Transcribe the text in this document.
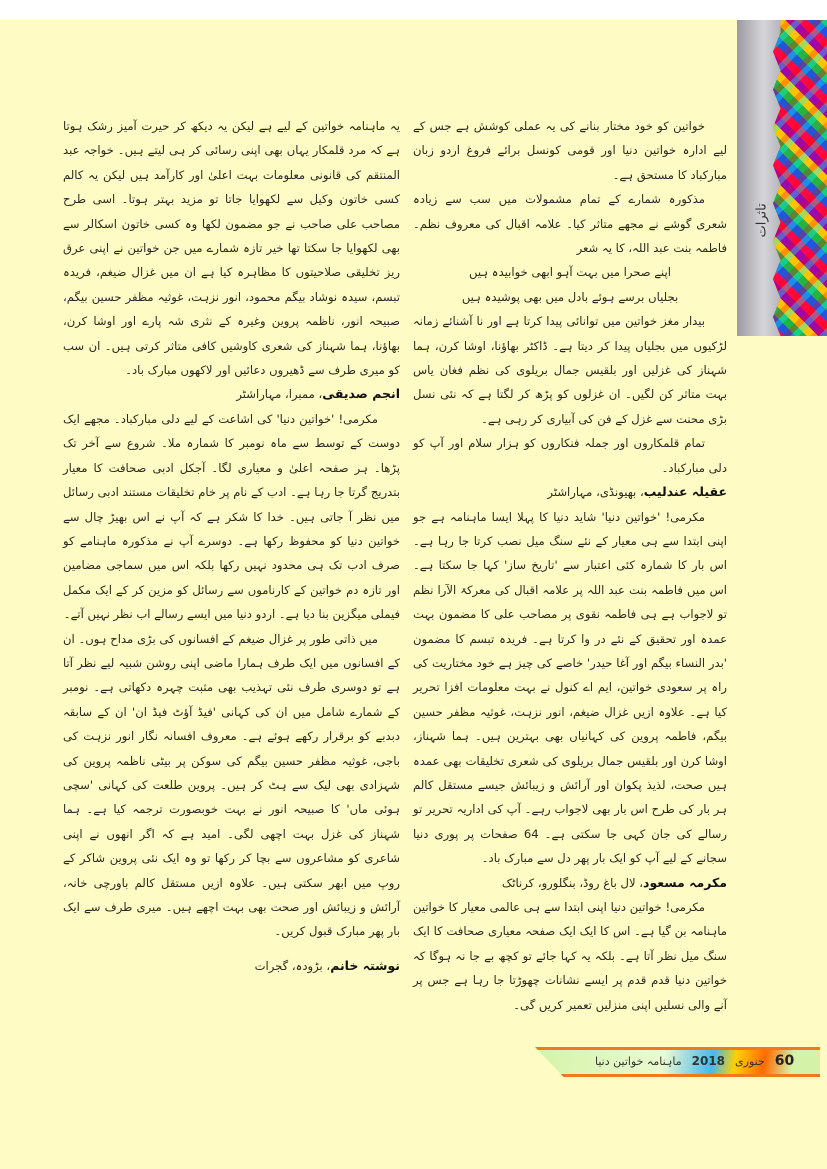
تاثرات

خواتین کو خود مختار بنانے کی یہ عملی کوشش ہے جس کے لیے ادارہ خواتین دنیا اور قومی کونسل برائے فروغ اردو زبان مبارکباد کا مستحق ہے۔

مذکورہ شمارے کے تمام مشمولات میں سب سے زیادہ شعری گوشے نے مجھے متاثر کیا۔ علامہ اقبال کی معروف نظم۔ فاطمہ بنت عبد اللہ، کا یہ شعر

اپنے صحرا میں بہت آہو ابھی خوابیدہ ہیں

بجلیاں برسے ہوئے بادل میں بھی پوشیدہ ہیں

بیدار مغز خواتین میں توانائی پیدا کرتا ہے اور نا آشنائے زمانہ لڑکیوں میں بجلیاں پیدا کر دیتا ہے۔ ڈاکٹر بھاؤنا، اوشا کرن، ہما شہناز کی غزلیں اور بلقیس جمال بریلوی کی نظم فغان یاس بہت متاثر کن لگیں۔ ان غزلوں کو پڑھ کر لگتا ہے کہ نئی نسل بڑی محنت سے غزل کے فن کی آبیاری کر رہی ہے۔

تمام قلمکاروں اور جملہ فنکاروں کو ہزار سلام اور آپ کو دلی مبارکباد۔

عقیلہ عندلیب، بھیونڈی، مہاراشٹر

مکرمی! 'خواتین دنیا' شاید دنیا کا پہلا ایسا ماہنامہ ہے جو اپنی ابتدا سے ہی معیار کے نئے سنگ میل نصب کرتا جا رہا ہے۔ اس بار کا شمارہ کئی اعتبار سے 'تاریخ ساز' کہا جا سکتا ہے۔ اس میں فاطمہ بنت عبد اللہ پر علامہ اقبال کی معرکۃ الآرا نظم تو لاجواب ہے ہی فاطمہ نقوی پر مصاحب علی کا مضمون بہت عمدہ اور تحقیق کے نئے در وا کرتا ہے۔ فریدہ تبسم کا مضمون 'بدر النساء بیگم اور آغا حیدر' خاصے کی چیز ہے خود مختاریت کی راہ پر سعودی خواتین، ایم اے کنول نے بہت معلومات افزا تحریر کیا ہے۔ علاوہ ازیں غزال ضیغم، انور نزہت، غوثیہ مظفر حسین بیگم، فاطمہ پروین کی کہانیاں بھی بہترین ہیں۔ ہما شہناز، اوشا کرن اور بلقیس جمال بریلوی کی شعری تخلیقات بھی عمدہ ہیں صحت، لذیذ پکوان اور آرائش و زیبائش جیسے مستقل کالم ہر بار کی طرح اس بار بھی لاجواب رہے۔ آپ کی اداریہ تحریر تو رسالے کی جان کہی جا سکتی ہے۔ 64 صفحات پر پوری دنیا سجانے کے لیے آپ کو ایک بار پھر دل سے مبارک باد۔

مکرمہ مسعود، لال باغ روڈ، بنگلورو، کرناٹک

مکرمی! خواتین دنیا اپنی ابتدا سے ہی عالمی معیار کا خواتین ماہنامہ بن گیا ہے۔ اس کا ایک ایک صفحہ معیاری صحافت کا ایک سنگ میل نظر آتا ہے۔ بلکہ یہ کہا جائے تو کچھ بے جا نہ ہوگا کہ خواتین دنیا قدم قدم پر ایسے نشانات چھوڑتا جا رہا ہے جس پر آنے والی نسلیں اپنی منزلیں تعمیر کریں گی۔

یہ ماہنامہ خواتین کے لیے ہے لیکن یہ دیکھ کر حیرت آمیز رشک ہوتا ہے کہ مرد قلمکار یہاں بھی اپنی رسائی کر ہی لیتے ہیں۔ خواجہ عبد المنتقم کی قانونی معلومات بہت اعلیٰ اور کارآمد ہیں لیکن یہ کالم کسی خاتون وکیل سے لکھوایا جاتا تو مزید بہتر ہوتا۔ اسی طرح مصاحب علی صاحب نے جو مضمون لکھا وہ کسی خاتون اسکالر سے بھی لکھوایا جا سکتا تھا خیر تازہ شمارے میں جن خواتین نے اپنی عرق ریز تخلیقی صلاحیتوں کا مظاہرہ کیا ہے ان میں غزال ضیغم، فریدہ تبسم، سیدہ نوشاد بیگم محمود، انور نزہت، غوثیہ مظفر حسین بیگم، صبیحہ انور، ناظمہ پروین وغیرہ کے نثری شہ پارے اور اوشا کرن، بھاؤنا، ہما شہناز کی شعری کاوشیں کافی متاثر کرتی ہیں۔ ان سب کو میری طرف سے ڈھیروں دعائیں اور لاکھوں مبارک باد۔

انجم صدیقی، ممبرا، مہاراشٹر

مکرمی! 'خواتین دنیا' کی اشاعت کے لیے دلی مبارکباد۔ مجھے ایک دوست کے توسط سے ماہ نومبر کا شمارہ ملا۔ شروع سے آخر تک پڑھا۔ ہر صفحہ اعلیٰ و معیاری لگا۔ آجکل ادبی صحافت کا معیار بتدریج گرتا جا رہا ہے۔ ادب کے نام پر خام تخلیقات مستند ادبی رسائل میں نظر آ جاتی ہیں۔ خدا کا شکر ہے کہ آپ نے اس بھیڑ چال سے خواتین دنیا کو محفوظ رکھا ہے۔ دوسرے آپ نے مذکورہ ماہنامے کو صرف ادب تک ہی محدود نہیں رکھا بلکہ اس میں سماجی مضامین اور تازہ دم خواتین کے کارناموں سے رسائل کو مزین کر کے ایک مکمل فیملی میگزین بنا دیا ہے۔ اردو دنیا میں ایسے رسالے اب نظر نہیں آتے۔

میں ذاتی طور پر غزال ضیغم کے افسانوں کی بڑی مداح ہوں۔ ان کے افسانوں میں ایک طرف ہمارا ماضی اپنی روشن شبیہ لیے نظر آتا ہے تو دوسری طرف نئی تہذیب بھی مثبت چہرہ دکھاتی ہے۔ نومبر کے شمارے شامل میں ان کی کہانی 'فیڈ آؤٹ فیڈ ان' ان کے سابقہ دبدبے کو برقرار رکھے ہوئے ہے۔ معروف افسانہ نگار انور نزہت کی باجی، غوثیہ مظفر حسین بیگم کی سوکن پر بیٹی ناظمہ پروین کی شہزادی بھی لیک سے ہٹ کر ہیں۔ پروین طلعت کی کہانی 'سچی ہوئی ماں' کا صبیحہ انور نے بہت خوبصورت ترجمہ کیا ہے۔ ہما شہناز کی غزل بہت اچھی لگی۔ امید ہے کہ اگر انھوں نے اپنی شاعری کو مشاعروں سے بچا کر رکھا تو وہ ایک نئی پروین شاکر کے روپ میں ابھر سکتی ہیں۔ علاوہ ازیں مستقل کالم باورچی خانہ، آرائش و زیبائش اور صحت بھی بہت اچھے ہیں۔ میری طرف سے ایک بار پھر مبارک قبول کریں۔

نوشتہ خانم، بڑودہ، گجرات

60
جنوری
2018
ماہنامہ خواتین دنیا
